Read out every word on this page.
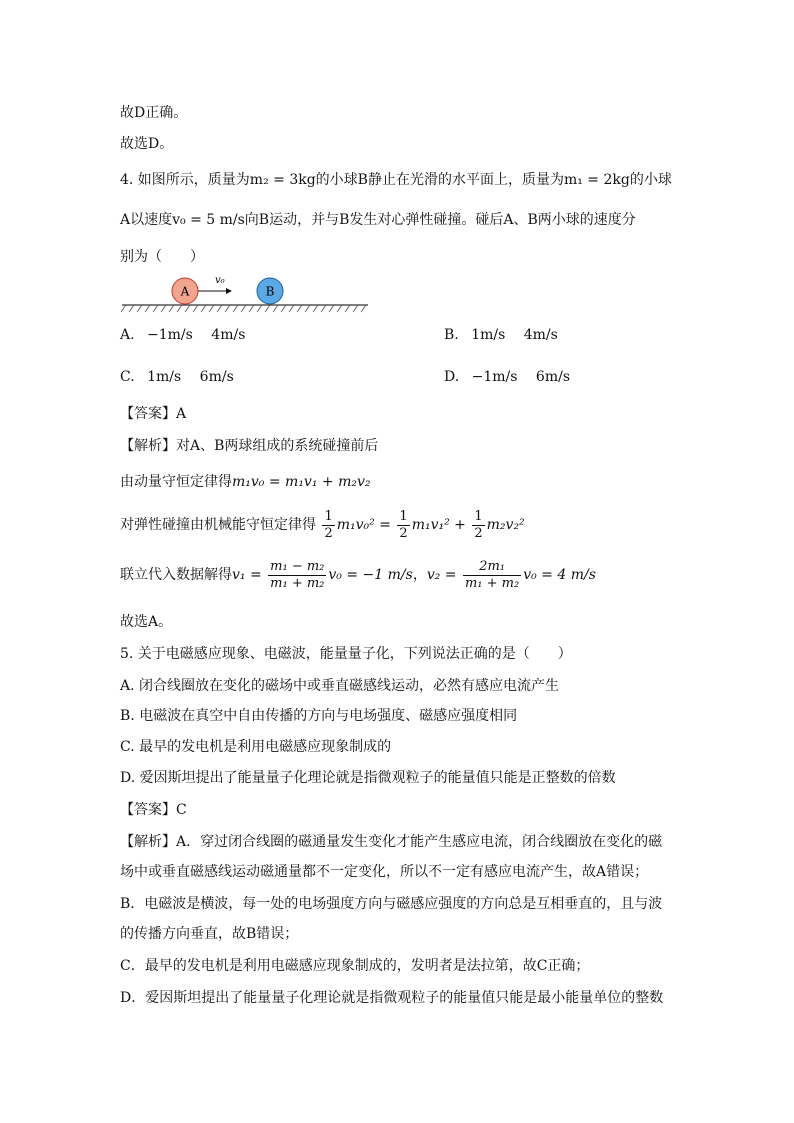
故D正确。
故选D。
4. 如图所示，质量为m₂ = 3kg的小球B静止在光滑的水平面上，质量为m₁ = 2kg的小球
A以速度v₀ = 5 m/s向B运动，并与B发生对心弹性碰撞。碰后A、B两小球的速度分
别为（　　）
A	B
v₀
A. −1m/s 4m/s	B. 1m/s 4m/s
C. 1m/s 6m/s	D. −1m/s 6m/s
【答案】A
【解析】对A、B两球组成的系统碰撞前后
由动量守恒定律得m₁v₀ = m₁v₁ + m₂v₂
对弹性碰撞由机械能守恒定律得 $\frac{1}{2} m_1v_0^2 = \frac{1}{2} m_1v_1^2 + \frac{1}{2} m_2v_2^2$
联立代入数据解得$v_1 = \frac{\text{m₁ − m₂}}{\text{m₁ + m₂}} v_0 = -1$ m/s，$v_2 = \frac{\text{2m₁}}{\text{m₁ + m₂}} v_0 = 4$ m/s
故选A。
5. 关于电磁感应现象、电磁波，能量量子化，下列说法正确的是（　　）
A. 闭合线圈放在变化的磁场中或垂直磁感线运动，必然有感应电流产生
B. 电磁波在真空中自由传播的方向与电场强度、磁感应强度相同
C. 最早的发电机是利用电磁感应现象制成的
D. 爱因斯坦提出了能量量子化理论就是指微观粒子的能量值只能是正整数的倍数
【答案】C
【解析】A．穿过闭合线圈的磁通量发生变化才能产生感应电流，闭合线圈放在变化的磁
场中或垂直磁感线运动磁通量都不一定变化，所以不一定有感应电流产生，故A错误；
B．电磁波是横波，每一处的电场强度方向与磁感应强度的方向总是互相垂直的，且与波
的传播方向垂直，故B错误；
C．最早的发电机是利用电磁感应现象制成的，发明者是法拉第，故C正确；
D．爱因斯坦提出了能量量子化理论就是指微观粒子的能量值只能是最小能量单位的整数
